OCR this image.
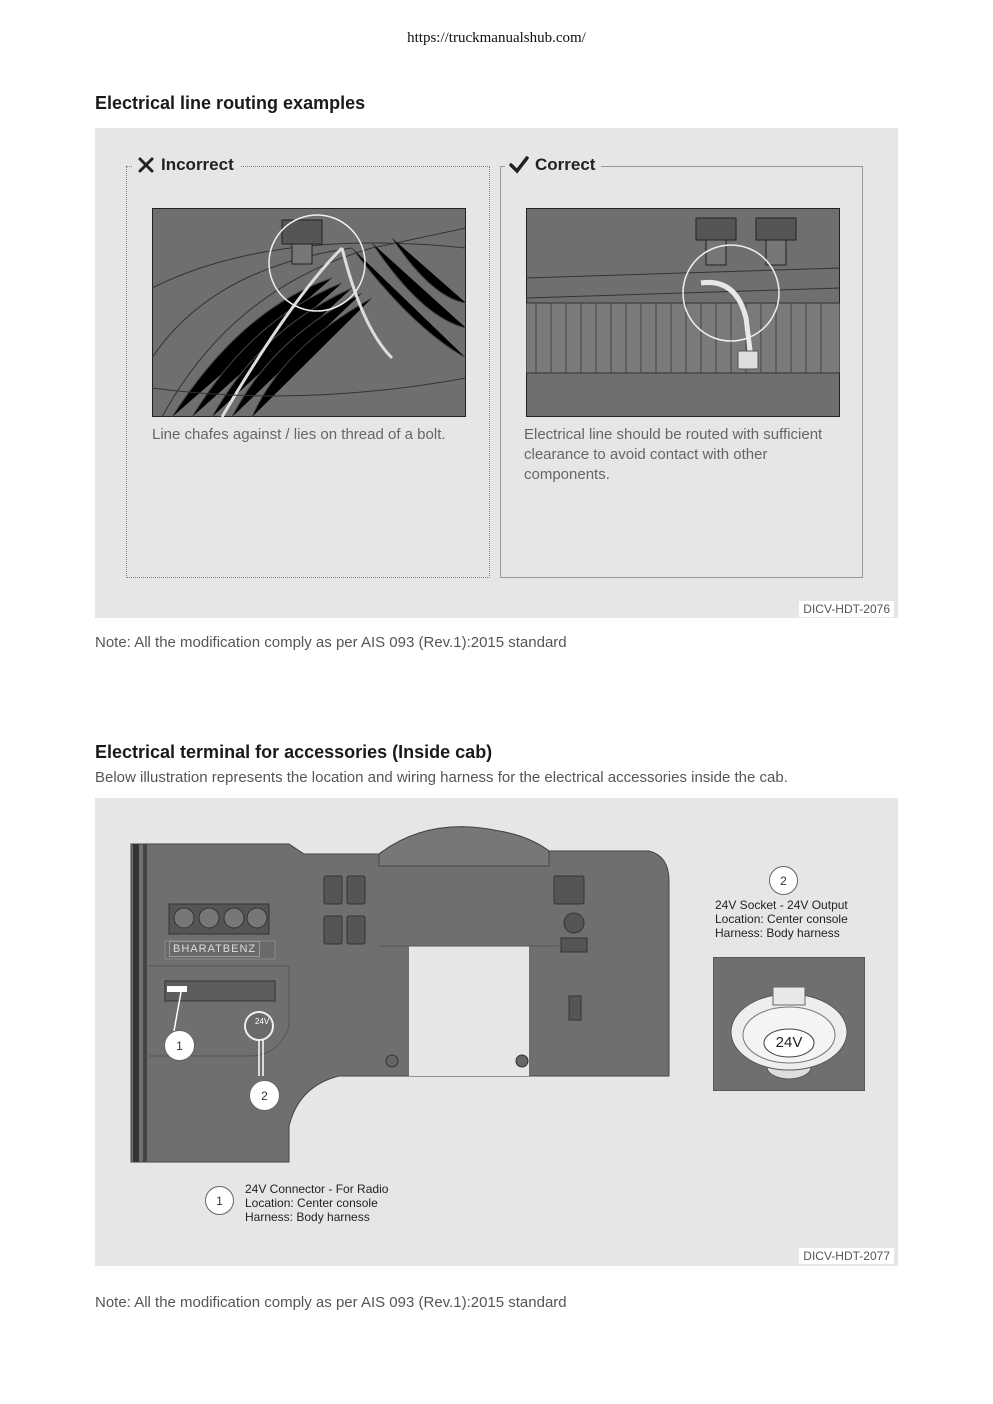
https://truckmanualshub.com/
Electrical line routing examples
Incorrect
Line chafes against / lies on thread of a bolt.
Correct
Electrical line should be routed with sufficient clearance to avoid contact with other components.
DICV-HDT-2076
Note: All the modification comply as per AIS 093 (Rev.1):2015 standard
Electrical terminal for accessories (Inside cab)
Below illustration represents the location and wiring harness for the electrical accessories inside the cab.
BHARATBENZ
24V
1
2
1
24V Connector - For Radio
Location: Center console
Harness: Body harness
2
24V Socket - 24V Output
Location: Center console
Harness: Body harness
24V
DICV-HDT-2077
Note: All the modification comply as per AIS 093 (Rev.1):2015 standard
